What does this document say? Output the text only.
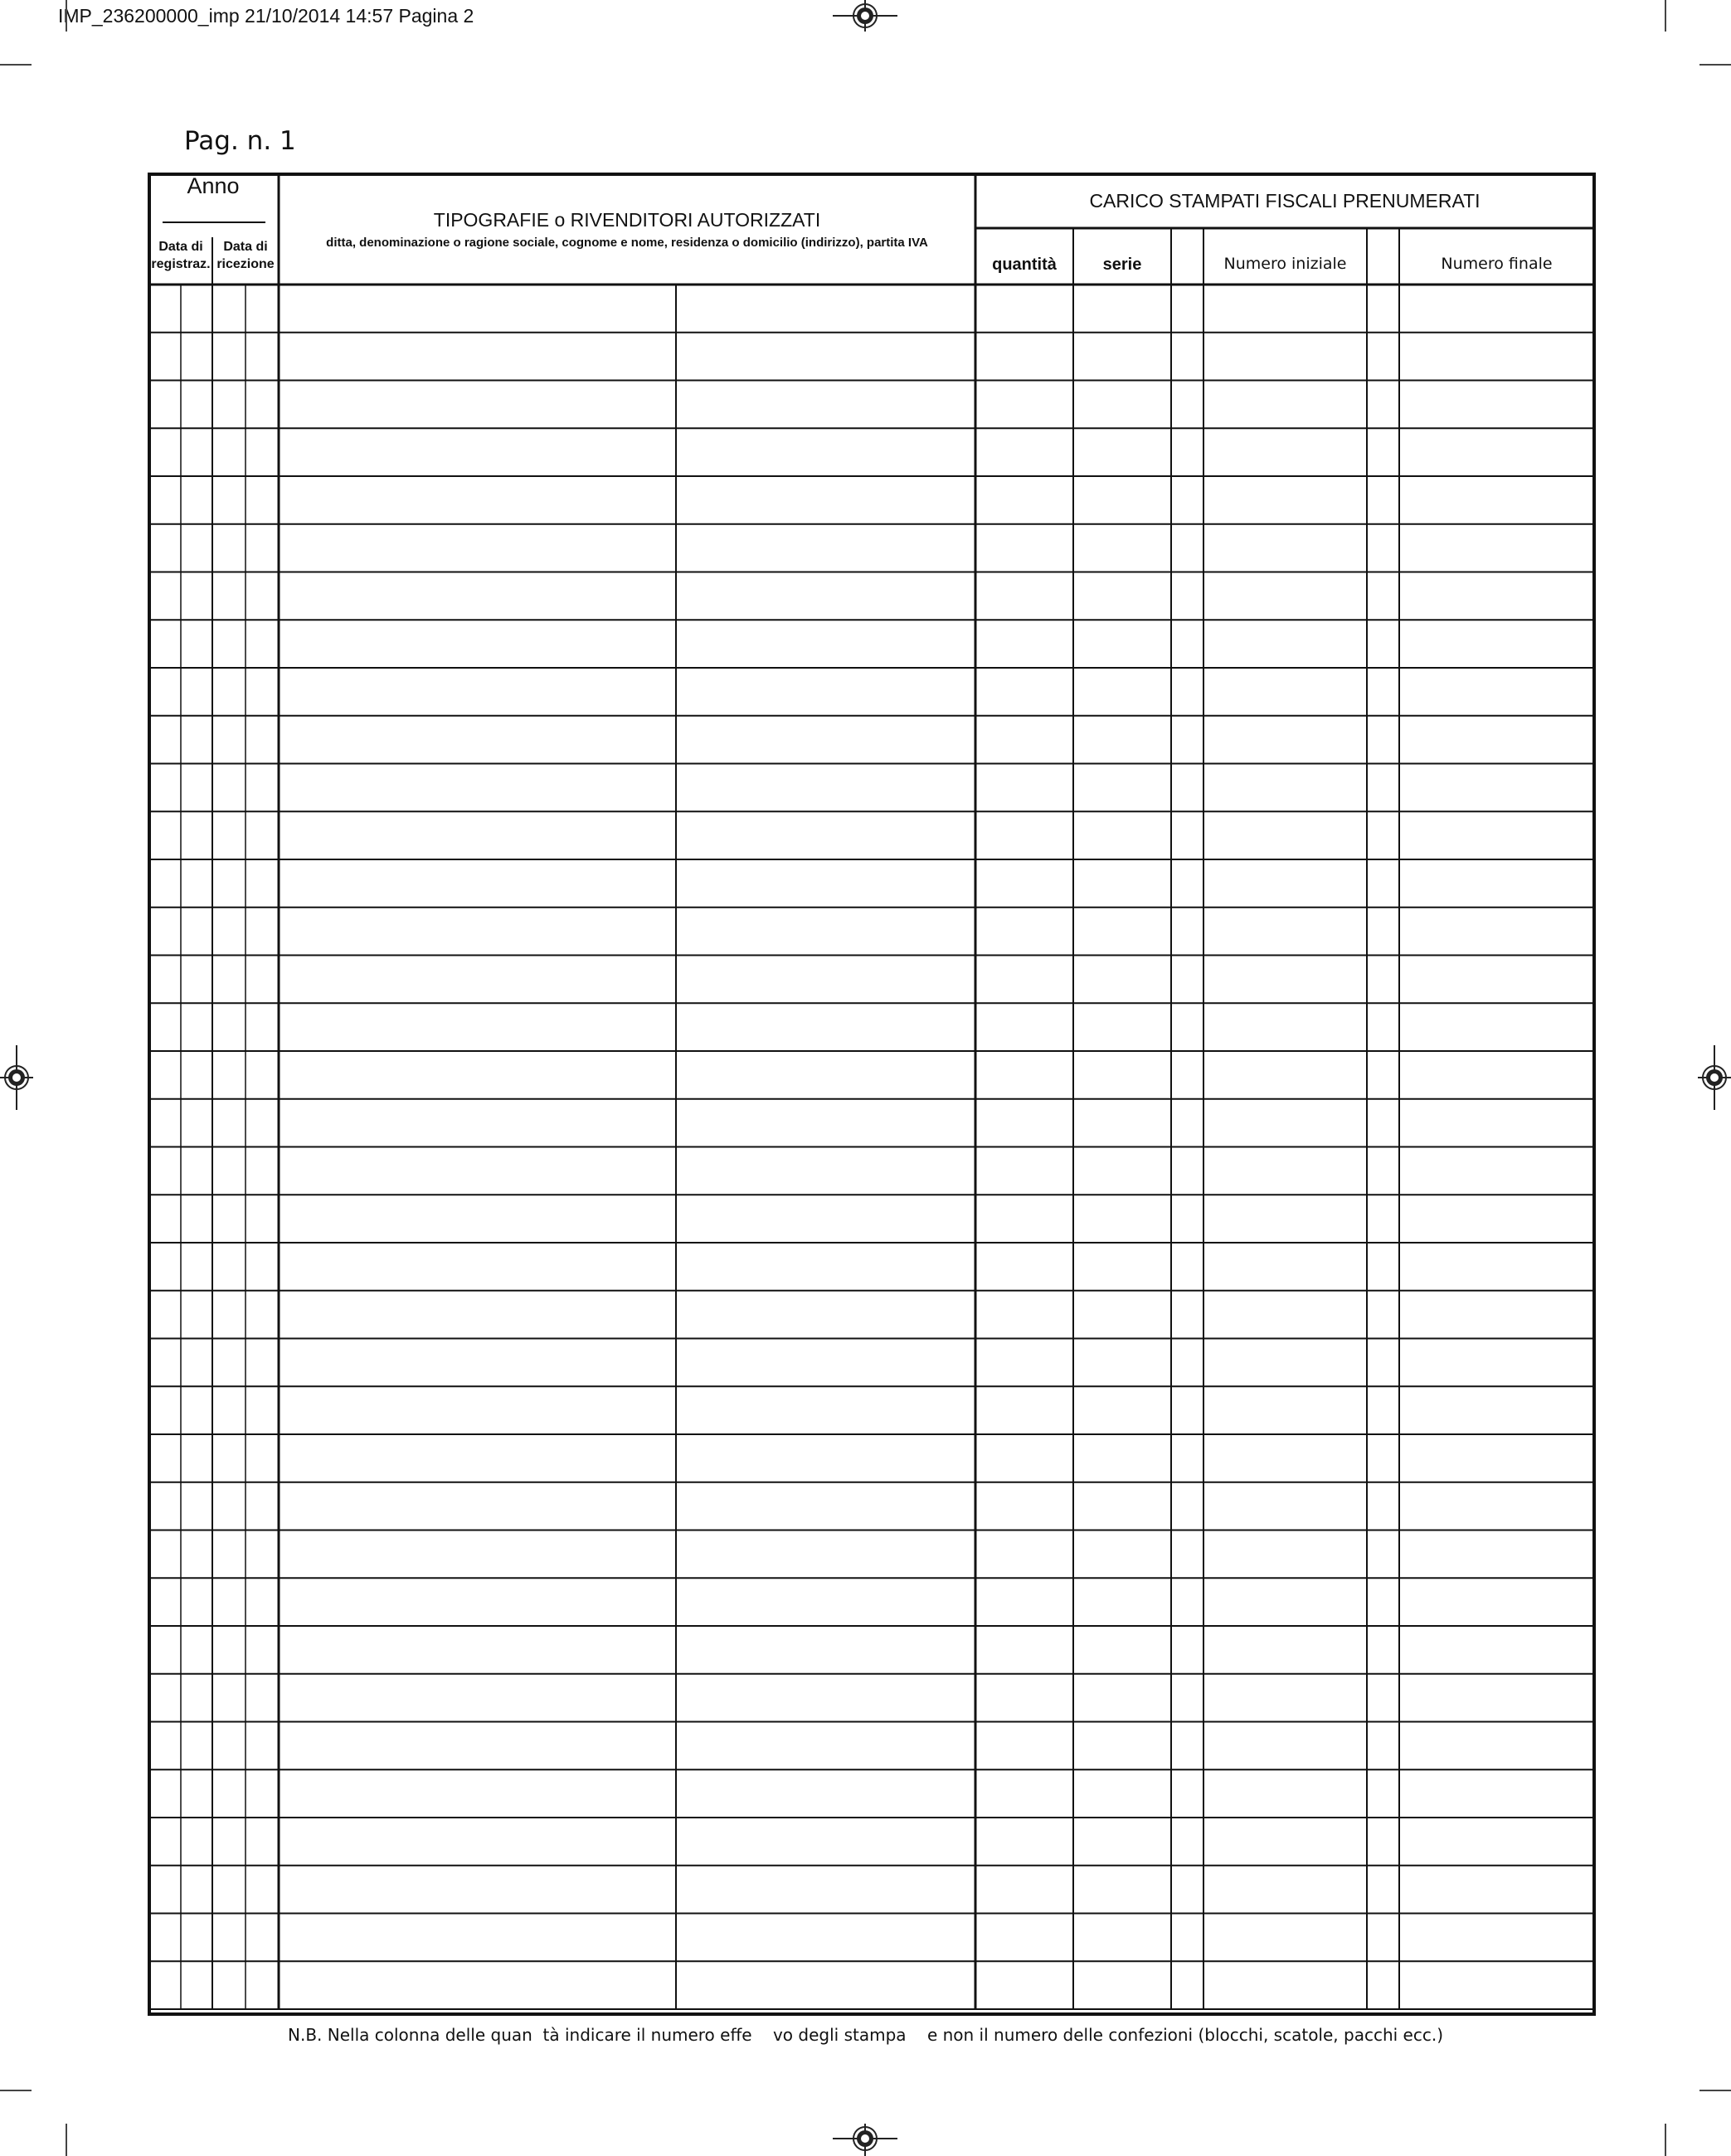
IMP_236200000_imp 21/10/2014 14:57 Pagina 2
Pag. n. 1
Anno
Data di registraz.
Data di ricezione
TIPOGRAFIE o RIVENDITORI AUTORIZZATI
ditta, denominazione o ragione sociale, cognome e nome, residenza o domicilio (indirizzo), partita IVA
CARICO STAMPATI FISCALI PRENUMERATI
quantità	serie	Numero iniziale	Numero finale
N.B. Nella colonna delle quan  tà indicare il numero effe    vo degli stampa    e non il numero delle confezioni (blocchi, scatole, pacchi ecc.)
